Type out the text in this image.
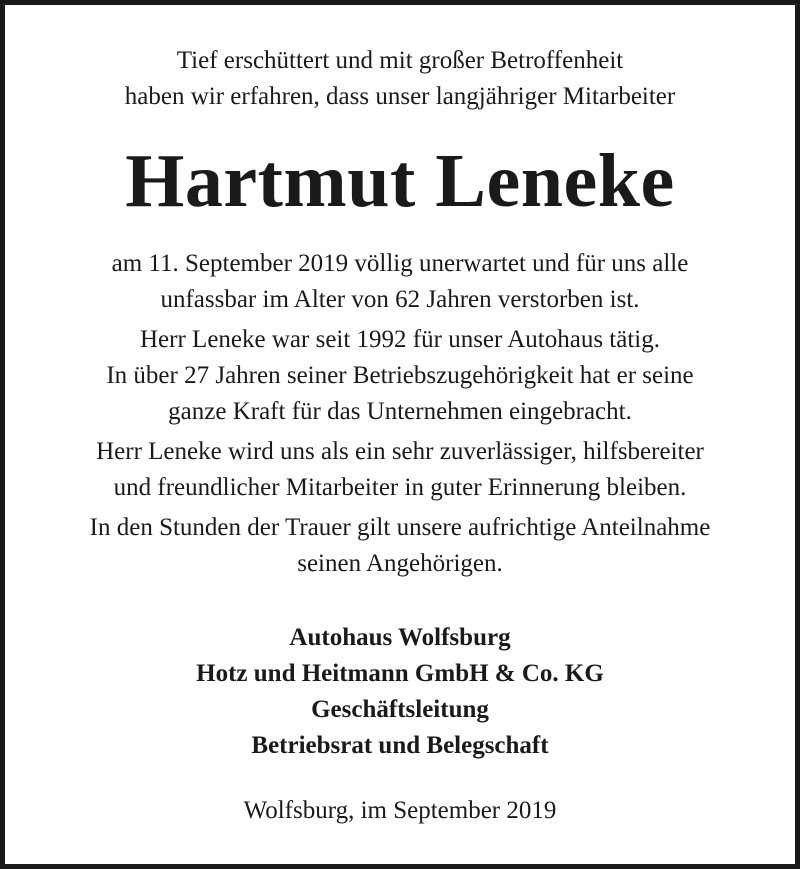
Tief erschüttert und mit großer Betroffenheit
haben wir erfahren, dass unser langjähriger Mitarbeiter
Hartmut Leneke
am 11. September 2019 völlig unerwartet und für uns alle
unfassbar im Alter von 62 Jahren verstorben ist.
Herr Leneke war seit 1992 für unser Autohaus tätig.
In über 27 Jahren seiner Betriebszugehörigkeit hat er seine
ganze Kraft für das Unternehmen eingebracht.
Herr Leneke wird uns als ein sehr zuverlässiger, hilfsbereiter
und freundlicher Mitarbeiter in guter Erinnerung bleiben.
In den Stunden der Trauer gilt unsere aufrichtige Anteilnahme
seinen Angehörigen.
Autohaus Wolfsburg
Hotz und Heitmann GmbH & Co. KG
Geschäftsleitung
Betriebsrat und Belegschaft
Wolfsburg, im September 2019
